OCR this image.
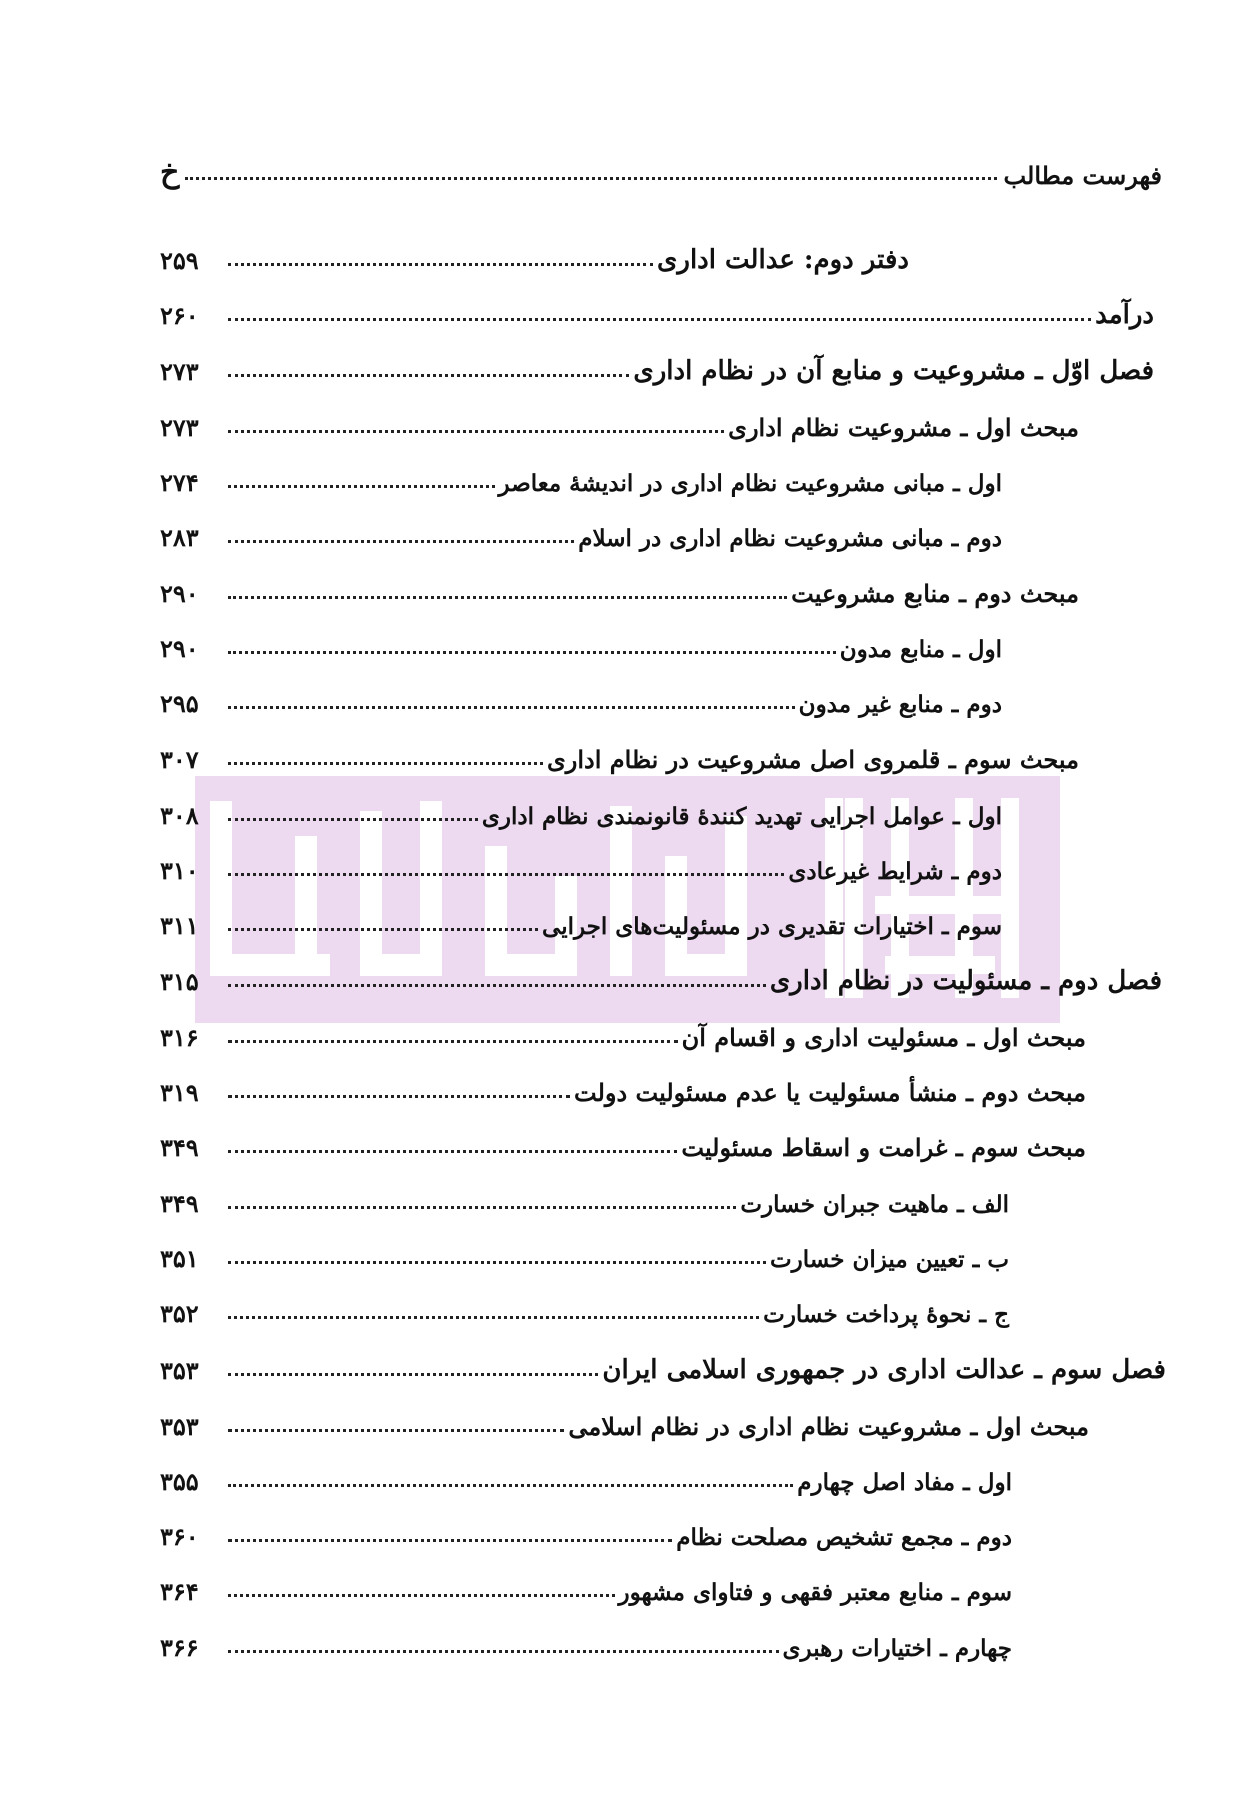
فهرست مطالب
خ
دفتر دوم: عدالت اداری
۲۵۹
درآمد
۲۶۰
فصل اوّل ـ مشروعیت و منابع آن در نظام اداری
۲۷۳
مبحث اول ـ مشروعیت نظام اداری
۲۷۳
اول ـ مبانی مشروعیت نظام اداری در اندیشهٔ معاصر
۲۷۴
دوم ـ مبانی مشروعیت نظام اداری در اسلام
۲۸۳
مبحث دوم ـ منابع مشروعیت
۲۹۰
اول ـ منابع مدون
۲۹۰
دوم ـ منابع غیر مدون
۲۹۵
مبحث سوم ـ قلمروی اصل مشروعیت در نظام اداری
۳۰۷
اول ـ عوامل اجرایی تهدید کنندهٔ قانونمندی نظام اداری
۳۰۸
دوم ـ شرایط غیرعادی
۳۱۰
سوم ـ اختیارات تقدیری در مسئولیت‌های اجرایی
۳۱۱
فصل دوم ـ مسئولیت در نظام اداری
۳۱۵
مبحث اول ـ مسئولیت اداری و اقسام آن
۳۱۶
مبحث دوم ـ منشأ مسئولیت یا عدم مسئولیت دولت
۳۱۹
مبحث سوم ـ غرامت و اسقاط مسئولیت
۳۴۹
الف ـ ماهیت جبران خسارت
۳۴۹
ب ـ تعیین میزان خسارت
۳۵۱
ج ـ نحوهٔ پرداخت خسارت
۳۵۲
فصل سوم ـ عدالت اداری در جمهوری اسلامی ایران
۳۵۳
مبحث اول ـ مشروعیت نظام اداری در نظام اسلامی
۳۵۳
اول ـ مفاد اصل چهارم
۳۵۵
دوم ـ مجمع تشخیص مصلحت نظام
۳۶۰
سوم ـ منابع معتبر فقهی و فتاوای مشهور
۳۶۴
چهارم ـ اختیارات رهبری
۳۶۶
